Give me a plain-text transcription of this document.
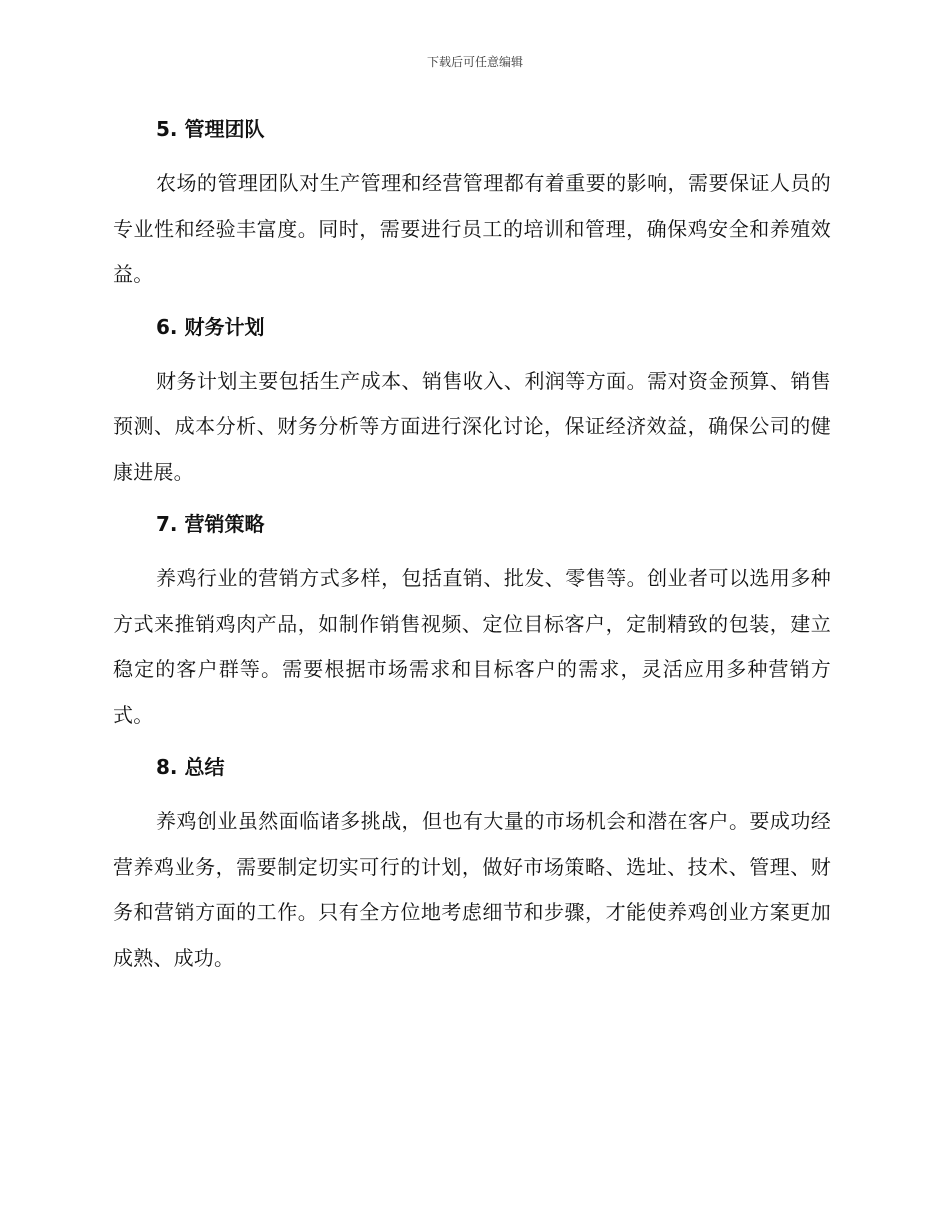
下载后可任意编辑
5. 管理团队

农场的管理团队对生产管理和经营管理都有着重要的影响，需要保证人员的专业性和经验丰富度。同时，需要进行员工的培训和管理，确保鸡安全和养殖效益。

6. 财务计划

财务计划主要包括生产成本、销售收入、利润等方面。需对资金预算、销售预测、成本分析、财务分析等方面进行深化讨论，保证经济效益，确保公司的健康进展。

7. 营销策略

养鸡行业的营销方式多样，包括直销、批发、零售等。创业者可以选用多种方式来推销鸡肉产品，如制作销售视频、定位目标客户，定制精致的包装，建立稳定的客户群等。需要根据市场需求和目标客户的需求，灵活应用多种营销方式。

8. 总结

养鸡创业虽然面临诸多挑战，但也有大量的市场机会和潜在客户。要成功经营养鸡业务，需要制定切实可行的计划，做好市场策略、选址、技术、管理、财务和营销方面的工作。只有全方位地考虑细节和步骤，才能使养鸡创业方案更加成熟、成功。
